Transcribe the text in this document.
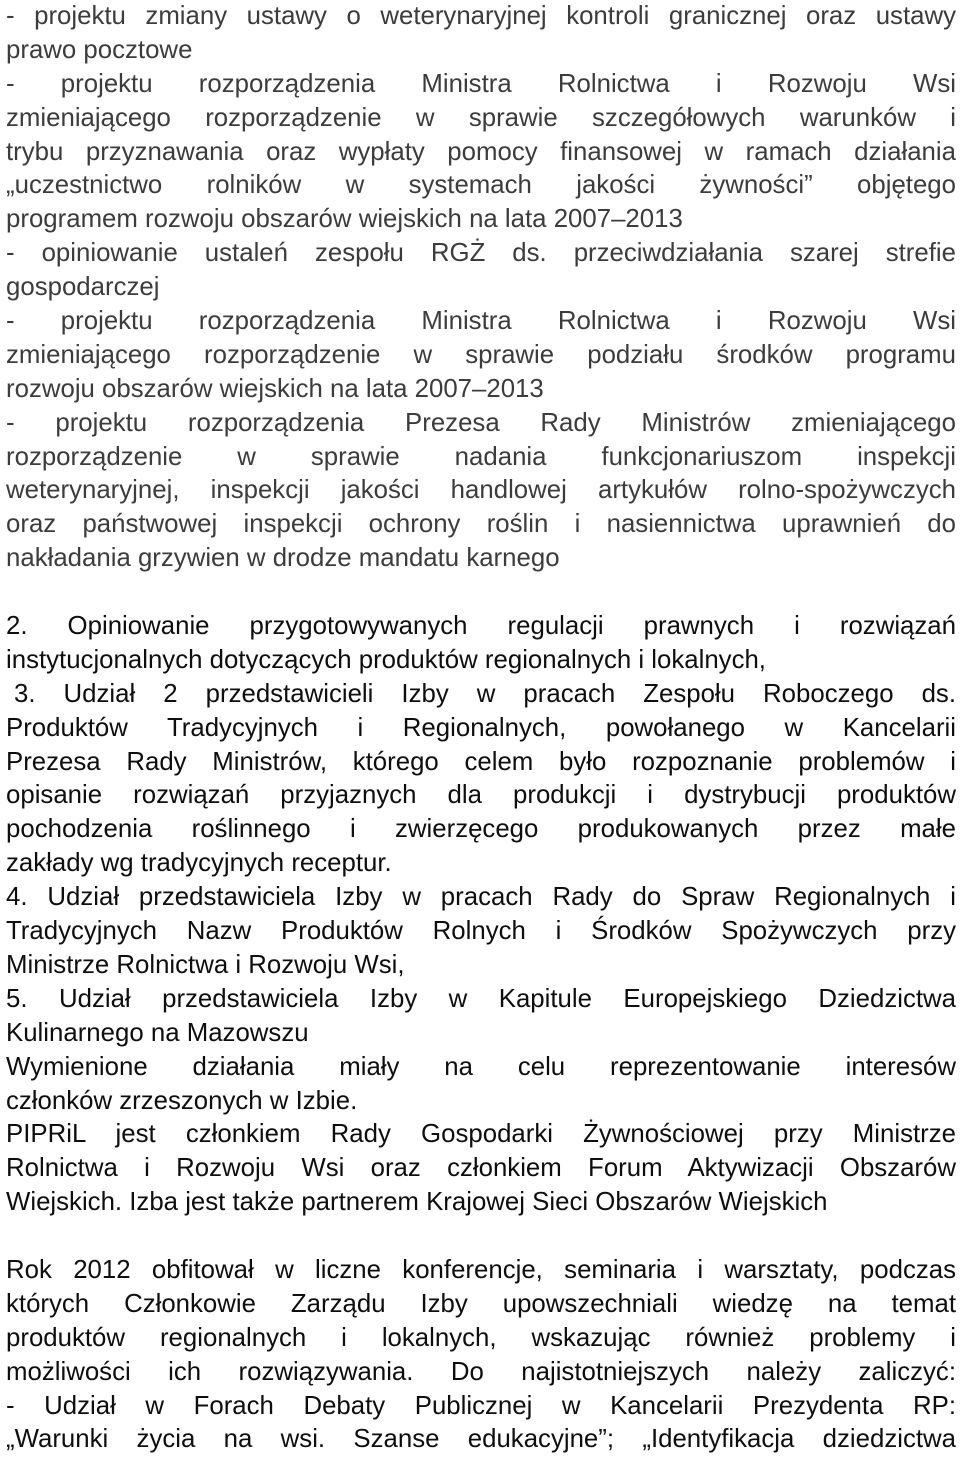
- projektu zmiany ustawy o weterynaryjnej kontroli granicznej oraz ustawy
prawo pocztowe
- projektu rozporządzenia Ministra Rolnictwa i Rozwoju Wsi
zmieniającego rozporządzenie w sprawie szczegółowych warunków i
trybu przyznawania oraz wypłaty pomocy finansowej w ramach działania
„uczestnictwo rolników w systemach jakości żywności” objętego
programem rozwoju obszarów wiejskich na lata 2007–2013
- opiniowanie ustaleń zespołu RGŻ ds. przeciwdziałania szarej strefie
gospodarczej
- projektu rozporządzenia Ministra Rolnictwa i Rozwoju Wsi
zmieniającego rozporządzenie w sprawie podziału środków programu
rozwoju obszarów wiejskich na lata 2007–2013
- projektu rozporządzenia Prezesa Rady Ministrów zmieniającego
rozporządzenie w sprawie nadania funkcjonariuszom inspekcji
weterynaryjnej, inspekcji jakości handlowej artykułów rolno-spożywczych
oraz państwowej inspekcji ochrony roślin i nasiennictwa uprawnień do
nakładania grzywien w drodze mandatu karnego
2. Opiniowanie przygotowywanych regulacji prawnych i rozwiązań
instytucjonalnych dotyczących produktów regionalnych i lokalnych,
3. Udział 2 przedstawicieli Izby w pracach Zespołu Roboczego ds.
Produktów Tradycyjnych i Regionalnych, powołanego w Kancelarii
Prezesa Rady Ministrów, którego celem było rozpoznanie problemów i
opisanie rozwiązań przyjaznych dla produkcji i dystrybucji produktów
pochodzenia roślinnego i zwierzęcego produkowanych przez małe
zakłady wg tradycyjnych receptur.
4. Udział przedstawiciela Izby w pracach Rady do Spraw Regionalnych i
Tradycyjnych Nazw Produktów Rolnych i Środków Spożywczych przy
Ministrze Rolnictwa i Rozwoju Wsi,
5. Udział przedstawiciela Izby w Kapitule Europejskiego Dziedzictwa
Kulinarnego na Mazowszu
Wymienione działania miały na celu reprezentowanie interesów
członków zrzeszonych w Izbie.
PIPRiL jest członkiem Rady Gospodarki Żywnościowej przy Ministrze
Rolnictwa i Rozwoju Wsi oraz członkiem Forum Aktywizacji Obszarów
Wiejskich. Izba jest także partnerem Krajowej Sieci Obszarów Wiejskich
Rok 2012 obfitował w liczne konferencje, seminaria i warsztaty, podczas
których Członkowie Zarządu Izby upowszechniali wiedzę na temat
produktów regionalnych i lokalnych, wskazując również problemy i
możliwości ich rozwiązywania. Do najistotniejszych należy zaliczyć:
- Udział w Forach Debaty Publicznej w Kancelarii Prezydenta RP:
„Warunki życia na wsi. Szanse edukacyjne”; „Identyfikacja dziedzictwa
